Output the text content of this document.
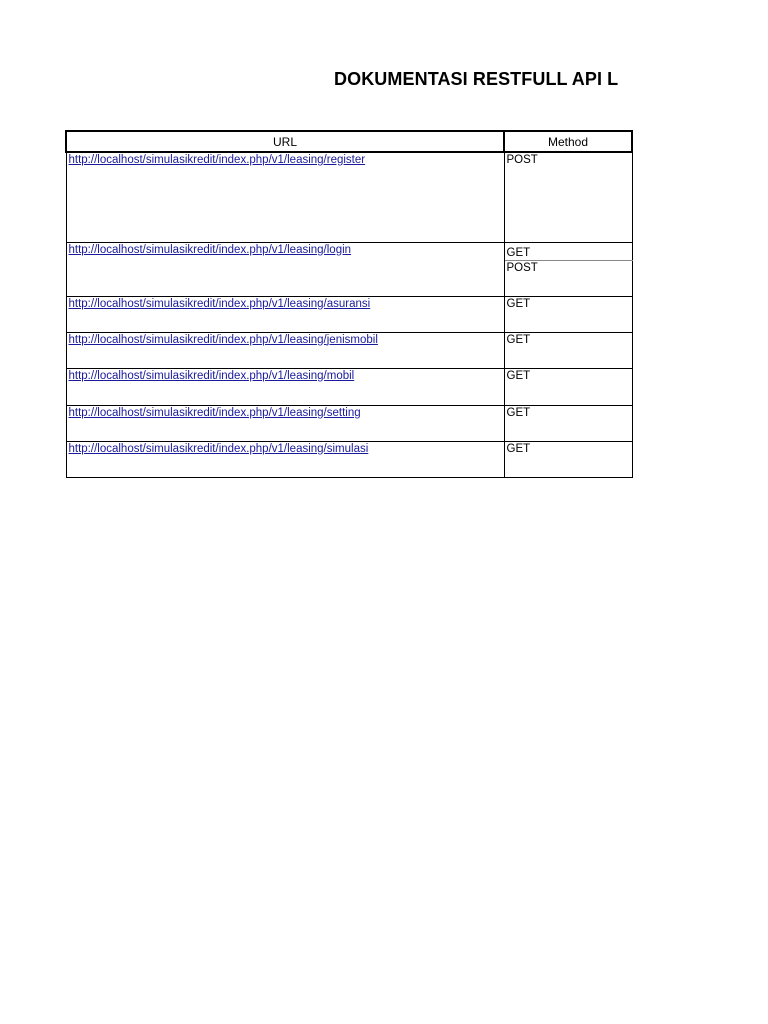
DOKUMENTASI RESTFULL API L
URL	Method
http://localhost/simulasikredit/index.php/v1/leasing/register	POST
http://localhost/simulasikredit/index.php/v1/leasing/login	GET
	POST
http://localhost/simulasikredit/index.php/v1/leasing/asuransi	GET
http://localhost/simulasikredit/index.php/v1/leasing/jenismobil	GET
http://localhost/simulasikredit/index.php/v1/leasing/mobil	GET
http://localhost/simulasikredit/index.php/v1/leasing/setting	GET
http://localhost/simulasikredit/index.php/v1/leasing/simulasi	GET
